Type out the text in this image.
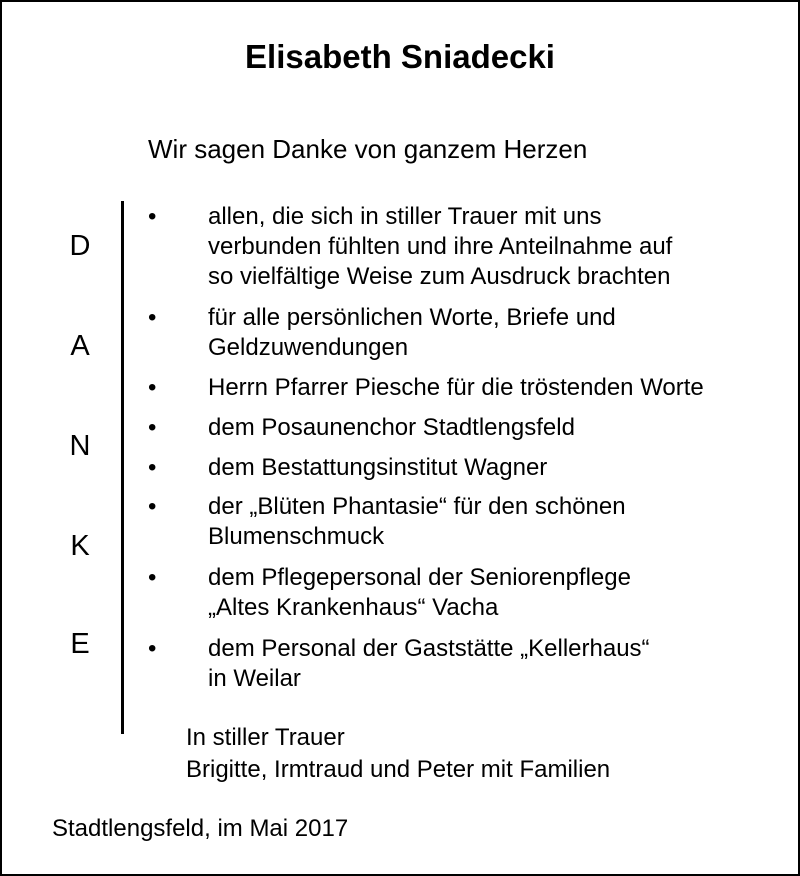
Elisabeth Sniadecki
Wir sagen Danke von ganzem Herzen
D
A
N
K
E
•	allen, die sich in stiller Trauer mit uns
verbunden fühlten und ihre Anteilnahme auf
so vielfältige Weise zum Ausdruck brachten
•	für alle persönlichen Worte, Briefe und
Geldzuwendungen
•	Herrn Pfarrer Piesche für die tröstenden Worte
•	dem Posaunenchor Stadtlengsfeld
•	dem Bestattungsinstitut Wagner
•	der „Blüten Phantasie“ für den schönen
Blumenschmuck
•	dem Pflegepersonal der Seniorenpflege
„Altes Krankenhaus“ Vacha
•	dem Personal der Gaststätte „Kellerhaus“
in Weilar
In stiller Trauer
Brigitte, Irmtraud und Peter mit Familien
Stadtlengsfeld, im Mai 2017
